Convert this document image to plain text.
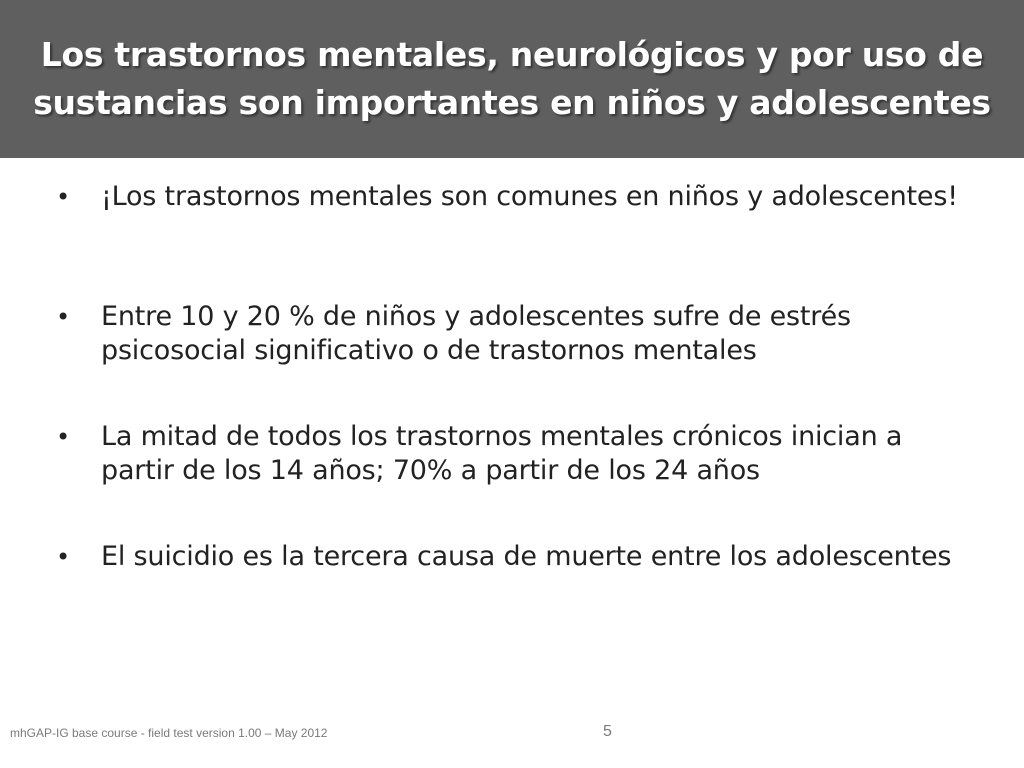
Los trastornos mentales, neurológicos y por uso de sustancias son importantes en niños y adolescentes
• ¡Los trastornos mentales son comunes en niños y adolescentes!
• Entre 10 y 20 % de niños y adolescentes sufre de estrés psicosocial significativo o de trastornos mentales
• La mitad de todos los trastornos mentales crónicos inician a partir de los 14 años; 70% a partir de los 24 años
• El suicidio es la tercera causa de muerte entre los adolescentes
mhGAP-IG base course - field test version 1.00 – May 2012	5
